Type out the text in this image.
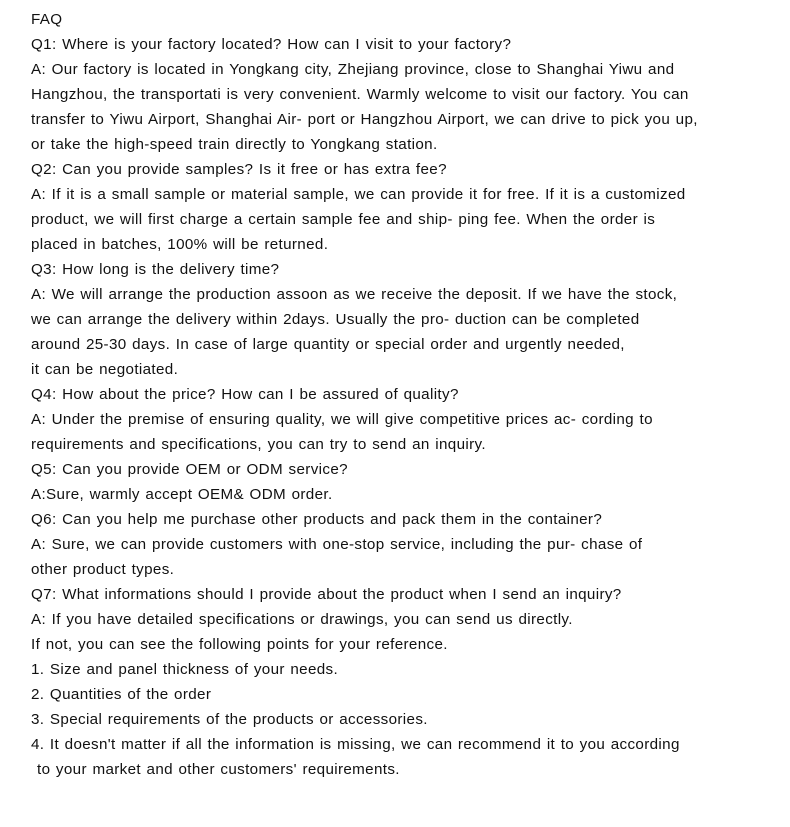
FAQ
Q1: Where is your factory located? How can I visit to your factory?
A: Our factory is located in Yongkang city, Zhejiang province, close to Shanghai Yiwu and
Hangzhou, the transportati is very convenient. Warmly welcome to visit our factory. You can
transfer to Yiwu Airport, Shanghai Air- port or Hangzhou Airport, we can drive to pick you up,
or take the high-speed train directly to Yongkang station.
Q2: Can you provide samples? Is it free or has extra fee?
A: If it is a small sample or material sample, we can provide it for free. If it is a customized
product, we will first charge a certain sample fee and ship- ping fee. When the order is
placed in batches, 100% will be returned.
Q3: How long is the delivery time?
A: We will arrange the production assoon as we receive the deposit. If we have the stock,
we can arrange the delivery within 2days. Usually the pro- duction can be completed
around 25-30 days. In case of large quantity or special order and urgently needed,
it can be negotiated.
Q4: How about the price? How can I be assured of quality?
A: Under the premise of ensuring quality, we will give competitive prices ac- cording to
requirements and specifications, you can try to send an inquiry.
Q5: Can you provide OEM or ODM service?
A:Sure, warmly accept OEM& ODM order.
Q6: Can you help me purchase other products and pack them in the container?
A: Sure, we can provide customers with one-stop service, including the pur- chase of
other product types.
Q7: What informations should I provide about the product when I send an inquiry?
A: If you have detailed specifications or drawings, you can send us directly.
If not, you can see the following points for your reference.
1. Size and panel thickness of your needs.
2. Quantities of the order
3. Special requirements of the products or accessories.
4. It doesn't matter if all the information is missing, we can recommend it to you according
to your market and other customers' requirements.
